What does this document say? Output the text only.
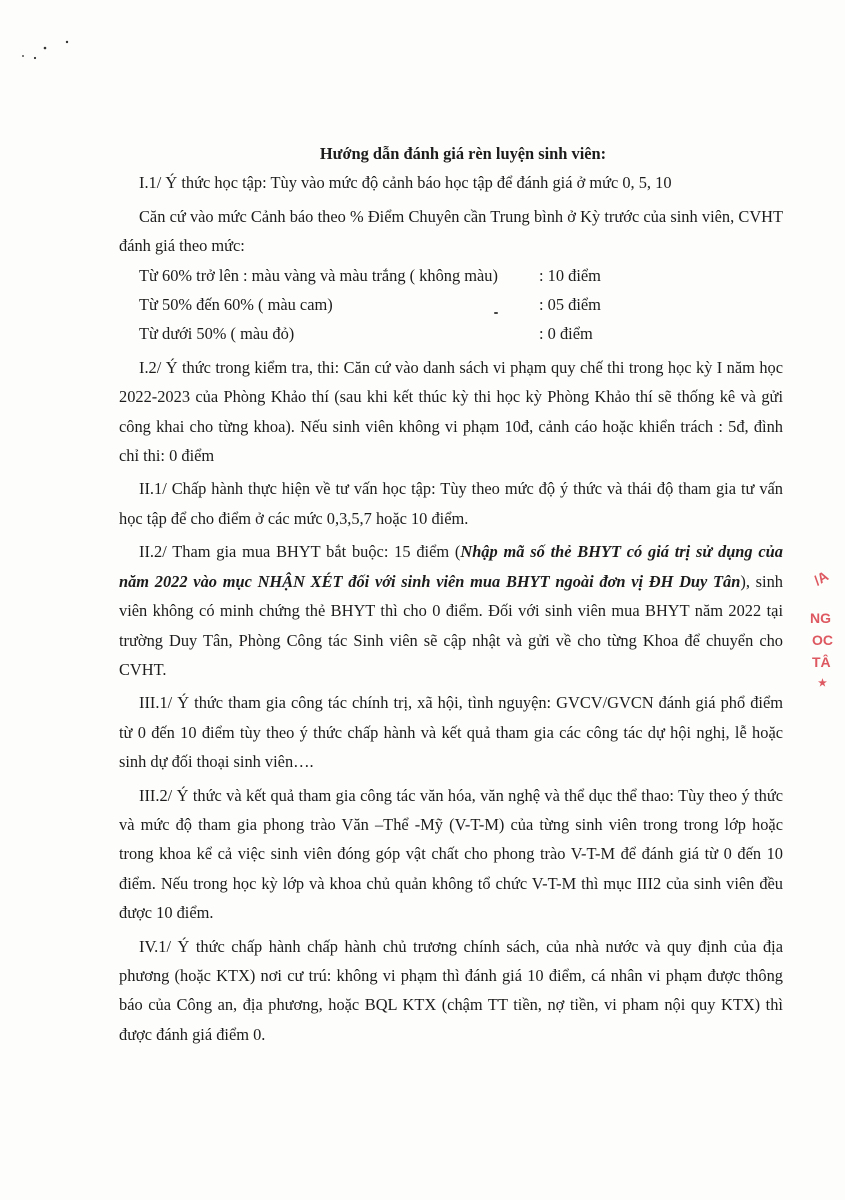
/A
NG
OC
TÂ
★

Hướng dẫn đánh giá rèn luyện sinh viên:

I.1/ Ý thức học tập: Tùy vào mức độ cảnh báo học tập để đánh giá ở mức 0, 5, 10

Căn cứ vào mức Cảnh báo theo % Điểm Chuyên cần Trung bình ở Kỳ trước của sinh viên, CVHT đánh giá theo mức:

Từ 60% trở lên : màu vàng và màu trắng ( không màu)	: 10 điểm
Từ 50% đến 60% ( màu cam)	: 05 điểm
Từ dưới 50% ( màu đỏ)	: 0 điểm

I.2/ Ý thức trong kiểm tra, thi: Căn cứ vào danh sách vi phạm quy chế thi trong học kỳ I năm học 2022-2023 của Phòng Khảo thí (sau khi kết thúc kỳ thi học kỳ Phòng Khảo thí sẽ thống kê và gửi công khai cho từng khoa). Nếu sinh viên không vi phạm 10đ, cảnh cáo hoặc khiển trách : 5đ, đình chỉ thi: 0 điểm

II.1/ Chấp hành thực hiện về tư vấn học tập: Tùy theo mức độ ý thức và thái độ tham gia tư vấn học tập để cho điểm ở các mức 0,3,5,7 hoặc 10 điểm.

II.2/ Tham gia mua BHYT bắt buộc: 15 điểm (Nhập mã số thẻ BHYT có giá trị sử dụng của năm 2022 vào mục NHẬN XÉT đối với sinh viên mua BHYT ngoài đơn vị ĐH Duy Tân), sinh viên không có minh chứng thẻ BHYT thì cho 0 điểm. Đối với sinh viên mua BHYT năm 2022 tại trường Duy Tân, Phòng Công tác Sinh viên sẽ cập nhật và gửi về cho từng Khoa để chuyển cho CVHT.

III.1/ Ý thức tham gia công tác chính trị, xã hội, tình nguyện: GVCV/GVCN đánh giá phổ điểm từ 0 đến 10 điểm tùy theo ý thức chấp hành và kết quả tham gia các công tác dự hội nghị, lễ hoặc sinh dự đối thoại sinh viên….

III.2/ Ý thức và kết quả tham gia công tác văn hóa, văn nghệ và thể dục thể thao: Tùy theo ý thức và mức độ tham gia phong trào Văn –Thể -Mỹ (V-T-M) của từng sinh viên trong trong lớp hoặc trong khoa kể cả việc sinh viên đóng góp vật chất cho phong trào V-T-M để đánh giá từ 0 đến 10 điểm. Nếu trong học kỳ lớp và khoa chủ quản không tổ chức V-T-M thì mục III2 của sinh viên đều được 10 điểm.

IV.1/ Ý thức chấp hành chấp hành chủ trương chính sách, của nhà nước và quy định của địa phương (hoặc KTX) nơi cư trú: không vi phạm thì đánh giá 10 điểm, cá nhân vi phạm được thông báo của Công an, địa phương, hoặc BQL KTX (chậm TT tiền, nợ tiền, vi pham nội quy KTX) thì được đánh giá điểm 0.
